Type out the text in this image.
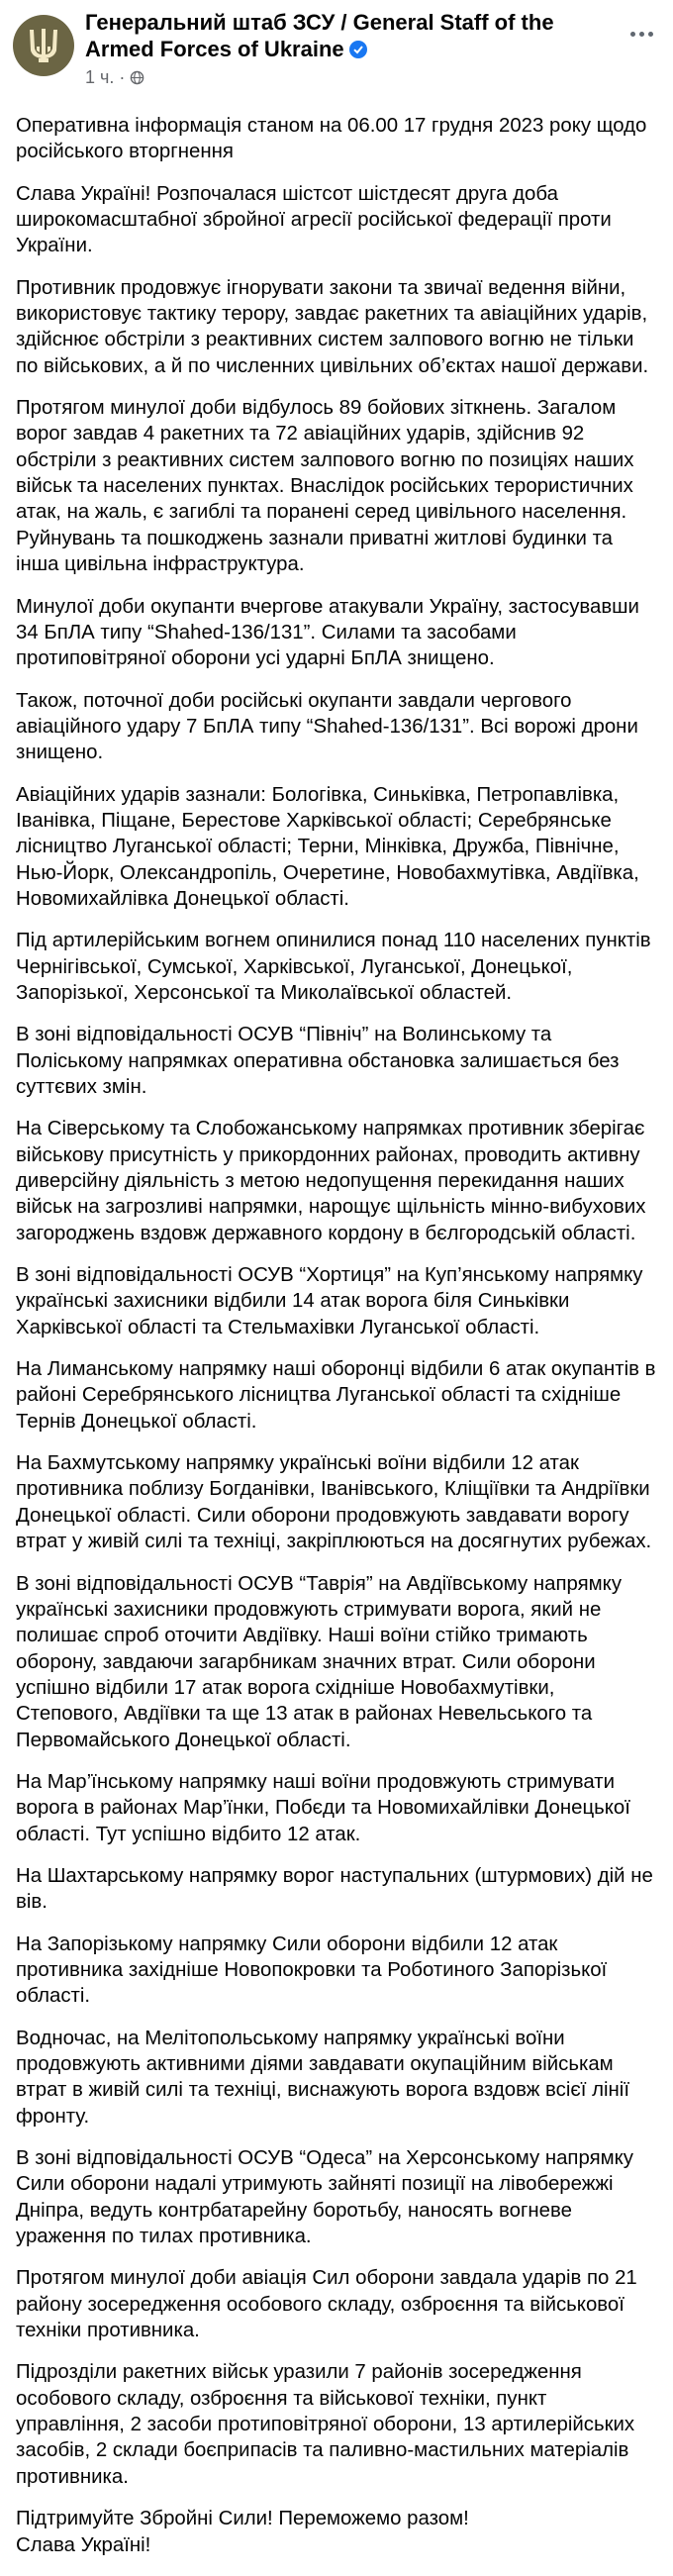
Генеральний штаб ЗСУ / General Staff of the Armed Forces of Ukraine
1 ч. ·

Оперативна інформація станом на 06.00 17 грудня 2023 року щодо російського вторгнення

Слава Україні! Розпочалася шістсот шістдесят друга доба широкомасштабної збройної агресії російської федерації проти України.

Противник продовжує ігнорувати закони та звичаї ведення війни, використовує тактику терору, завдає ракетних та авіаційних ударів, здійснює обстріли з реактивних систем залпового вогню не тільки по військових, а й по численних цивільних об’єктах нашої держави.

Протягом минулої доби відбулось 89 бойових зіткнень. Загалом ворог завдав 4 ракетних та 72 авіаційних ударів, здійснив 92 обстріли з реактивних систем залпового вогню по позиціях наших військ та населених пунктах. Внаслідок російських терористичних атак, на жаль, є загиблі та поранені серед цивільного населення. Руйнувань та пошкоджень зазнали приватні житлові будинки та інша цивільна інфраструктура.

Минулої доби окупанти вчергове атакували Україну, застосувавши 34 БпЛА типу “Shahed-136/131”. Силами та засобами протиповітряної оборони усі ударні БпЛА знищено.

Також, поточної доби російські окупанти завдали чергового авіаційного удару 7 БпЛА типу “Shahed-136/131”. Всі ворожі дрони знищено.

Авіаційних ударів зазнали: Бологівка, Синьківка, Петропавлівка, Іванівка, Піщане, Берестове Харківської області; Серебрянське лісництво Луганської області; Терни, Мінківка, Дружба, Північне, Нью-Йорк, Олександропіль, Очеретине, Новобахмутівка, Авдіївка, Новомихайлівка Донецької області.

Під артилерійським вогнем опинилися понад 110 населених пунктів Чернігівської, Сумської, Харківської, Луганської, Донецької, Запорізької, Херсонської та Миколаївської областей.

В зоні відповідальності ОСУВ “Північ” на Волинському та Поліському напрямках оперативна обстановка залишається без суттєвих змін.

На Сіверському та Слобожанському напрямках противник зберігає військову присутність у прикордонних районах, проводить активну диверсійну діяльність з метою недопущення перекидання наших військ на загрозливі напрямки, нарощує щільність мінно-вибухових загороджень вздовж державного кордону в бєлгородській області.

В зоні відповідальності ОСУВ “Хортиця” на Куп’янському напрямку українські захисники відбили 14 атак ворога біля Синьківки Харківської області та Стельмахівки Луганської області.

На Лиманському напрямку наші оборонці відбили 6 атак окупантів в районі Серебрянського лісництва Луганської області та східніше Тернів Донецької області.

На Бахмутському напрямку українські воїни відбили 12 атак противника поблизу Богданівки, Іванівського, Кліщіївки та Андріївки Донецької області. Сили оборони продовжують завдавати ворогу втрат у живій силі та техніці, закріплюються на досягнутих рубежах.

В зоні відповідальності ОСУВ “Таврія” на Авдіївському напрямку українські захисники продовжують стримувати ворога, який не полишає спроб оточити Авдіївку. Наші воїни стійко тримають оборону, завдаючи загарбникам значних втрат. Сили оборони успішно відбили 17 атак ворога східніше Новобахмутівки, Степового, Авдіївки та ще 13 атак в районах Невельського та Первомайського Донецької області.

На Мар’їнському напрямку наші воїни продовжують стримувати ворога в районах Мар’їнки, Побєди та Новомихайлівки Донецької області. Тут успішно відбито 12 атак.

На Шахтарському напрямку ворог наступальних (штурмових) дій не вів.

На Запорізькому напрямку Сили оборони відбили 12 атак противника західніше Новопокровки та Роботиного Запорізької області.

Водночас, на Мелітопольському напрямку українські воїни продовжують активними діями завдавати окупаційним військам втрат в живій силі та техніці, виснажують ворога вздовж всієї лінії фронту.

В зоні відповідальності ОСУВ “Одеса” на Херсонському напрямку Сили оборони надалі утримують зайняті позиції на лівобережжі Дніпра, ведуть контрбатарейну боротьбу, наносять вогневе ураження по тилах противника.

Протягом минулої доби авіація Сил оборони завдала ударів по 21 району зосередження особового складу, озброєння та військової техніки противника.

Підрозділи ракетних військ уразили 7 районів зосередження особового складу, озброєння та військової техніки, пункт управління, 2 засоби протиповітряної оборони, 13 артилерійських засобів, 2 склади боєприпасів та паливно-мастильних матеріалів противника.

Підтримуйте Збройні Сили! Переможемо разом!
Слава Україні!
